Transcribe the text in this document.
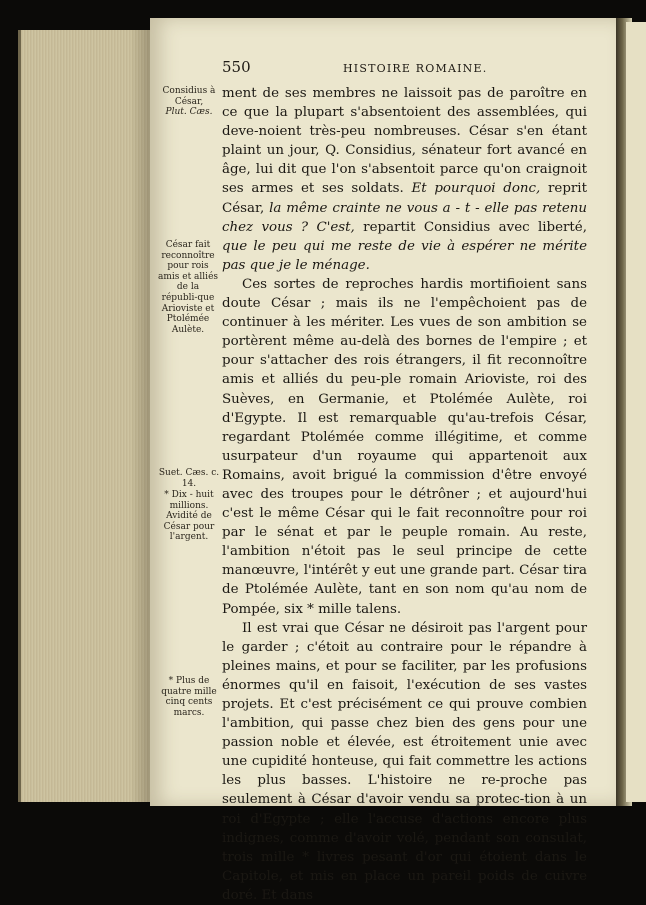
550	HISTOIRE ROMAINE.
Considius à César,
Plut. Cæs.
César fait reconnoître pour rois amis et alliés de la républi-que Arioviste et Ptolémée Aulète.
Suet. Cæs. c. 14.
* Dix - huit millions. Avidité de César pour l'argent.
* Plus de quatre mille cinq cents marcs.

ment de ses membres ne laissoit pas de paroître en ce que la plupart s'absentoient des assemblées, qui deve-noient très-peu nombreuses. César s'en étant plaint un jour, Q. Considius, sénateur fort avancé en âge, lui dit que l'on s'absentoit parce qu'on craignoit ses armes et ses soldats. Et pourquoi donc, reprit César, la même crainte ne vous a - t - elle pas retenu chez vous ? C'est, repartit Considius avec liberté, que le peu qui me reste de vie à espérer ne mérite pas que je le ménage.

Ces sortes de reproches hardis mortifioient sans doute César ; mais ils ne l'empêchoient pas de continuer à les mériter. Les vues de son ambition se portèrent même au-delà des bornes de l'empire ; et pour s'attacher des rois étrangers, il fit reconnoître amis et alliés du peu-ple romain Arioviste, roi des Suèves, en Germanie, et Ptolémée Aulète, roi d'Egypte. Il est remarquable qu'au-trefois César, regardant Ptolémée comme illégitime, et comme usurpateur d'un royaume qui appartenoit aux Romains, avoit brigué la commission d'être envoyé avec des troupes pour le détrôner ; et aujourd'hui c'est le même César qui le fait reconnoître pour roi par le sénat et par le peuple romain. Au reste, l'ambition n'étoit pas le seul principe de cette manœuvre, l'intérêt y eut une grande part. César tira de Ptolémée Aulète, tant en son nom qu'au nom de Pompée, six * mille talens.

Il est vrai que César ne désiroit pas l'argent pour le garder ; c'étoit au contraire pour le répandre à pleines mains, et pour se faciliter, par les profusions énormes qu'il en faisoit, l'exécution de ses vastes projets. Et c'est précisément ce qui prouve combien l'ambition, qui passe chez bien des gens pour une passion noble et élevée, est étroitement unie avec une cupidité honteuse, qui fait commettre les actions les plus basses. L'histoire ne re-proche pas seulement à César d'avoir vendu sa protec-tion à un roi d'Egypte ; elle l'accuse d'actions encore plus indignes, comme d'avoir volé, pendant son consulat, trois mille * livres pesant d'or qui étoient dans le Capitole, et mis en place un pareil poids de cuivre doré. Et dans
